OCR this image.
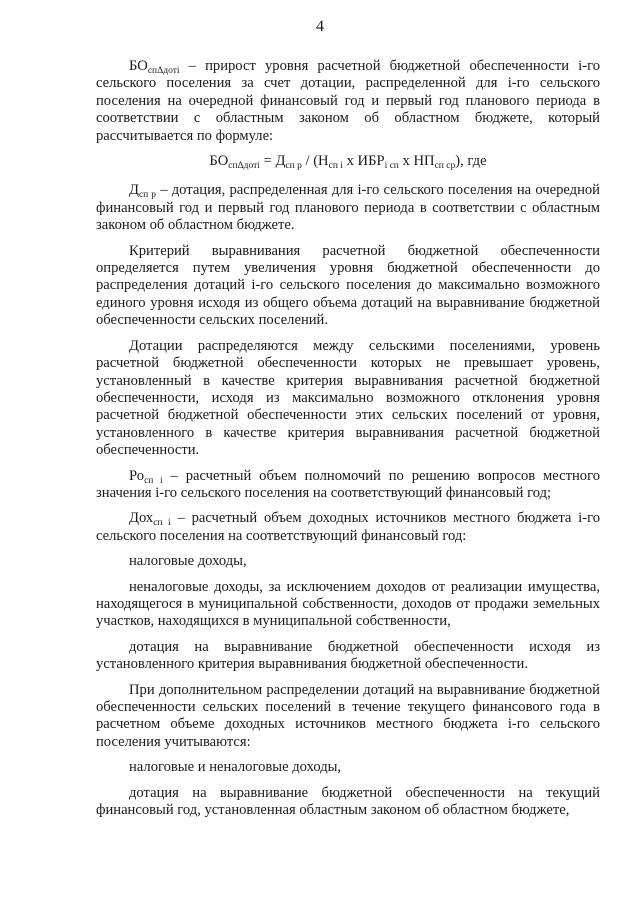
4

$БО_{сп\Delta дотi}$ – прирост уровня расчетной бюджетной обеспеченности i-го сельского поселения за счет дотации, распределенной для i-го сельского поселения на очередной финансовый год и первый год планового периода в соответствии с областным законом об областном бюджете, который рассчитывается по формуле:

$БО_{сп\Delta дотi} = Д_{сп р} / (Н_{сп i}$ х $ИБР_{i сп}$ х $НП_{сп ср}$), где

$Д_{сп р}$ – дотация, распределенная для i-го сельского поселения на очередной финансовый год и первый год планового периода в соответствии с областным законом об областном бюджете.

Критерий выравнивания расчетной бюджетной обеспеченности определяется путем увеличения уровня бюджетной обеспеченности до распределения дотаций i-го сельского поселения до максимально возможного единого уровня исходя из общего объема дотаций на выравнивание бюджетной обеспеченности сельских поселений.

Дотации распределяются между сельскими поселениями, уровень расчетной бюджетной обеспеченности которых не превышает уровень, установленный в качестве критерия выравнивания расчетной бюджетной обеспеченности, исходя из максимально возможного отклонения уровня расчетной бюджетной обеспеченности этих сельских поселений от уровня, установленного в качестве критерия выравнивания расчетной бюджетной обеспеченности.

$Ро_{сп i}$ – расчетный объем полномочий по решению вопросов местного значения i-го сельского поселения на соответствующий финансовый год;

Дох$_{сп i}$ – расчетный объем доходных источников местного бюджета i-го сельского поселения на соответствующий финансовый год:

налоговые доходы,

неналоговые доходы, за исключением доходов от реализации имущества, находящегося в муниципальной собственности, доходов от продажи земельных участков, находящихся в муниципальной собственности,

дотация на выравнивание бюджетной обеспеченности исходя из установленного критерия выравнивания бюджетной обеспеченности.

При дополнительном распределении дотаций на выравнивание бюджетной обеспеченности сельских поселений в течение текущего финансового года в расчетном объеме доходных источников местного бюджета i-го сельского поселения учитываются:

налоговые и неналоговые доходы,

дотация на выравнивание бюджетной обеспеченности на текущий финансовый год, установленная областным законом об областном бюджете,
